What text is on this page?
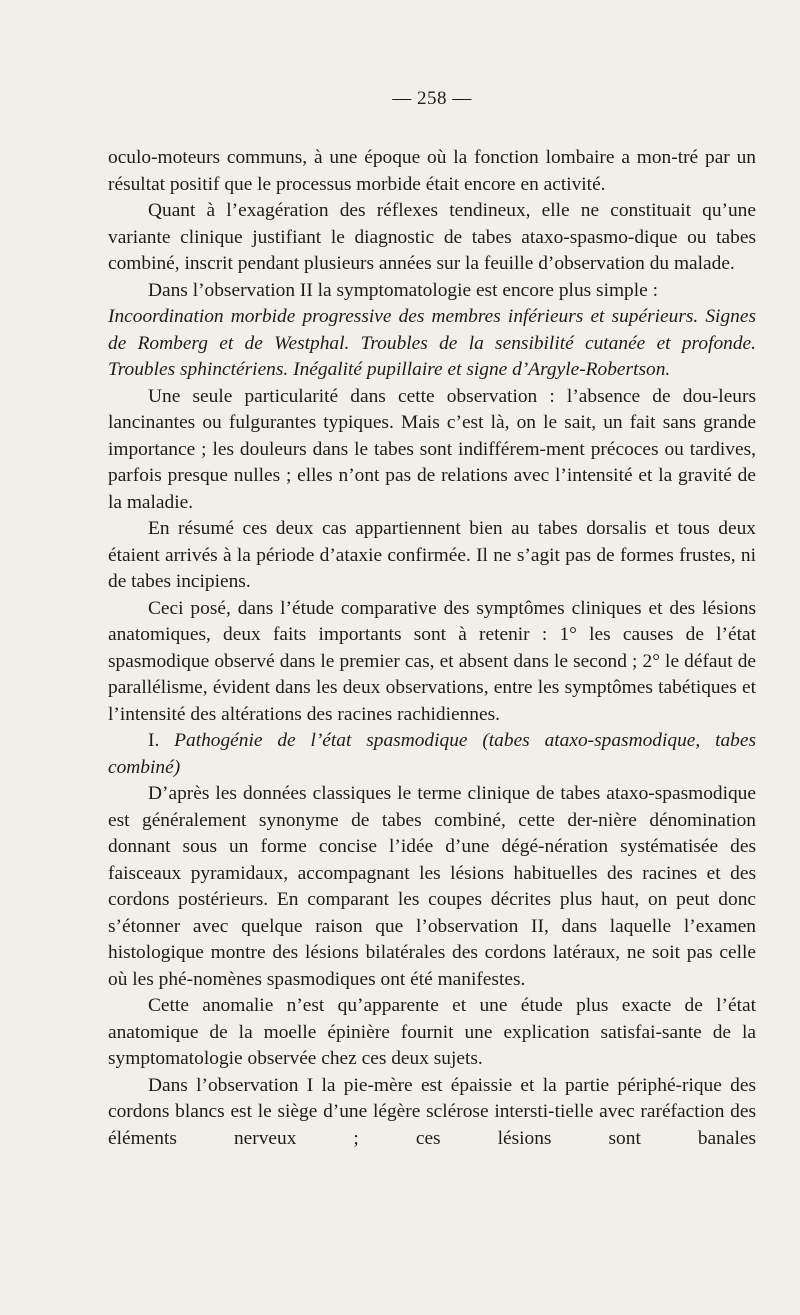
— 258 —

oculo-moteurs communs, à une époque où la fonction lombaire a mon-tré par un résultat positif que le processus morbide était encore en activité.

Quant à l’exagération des réflexes tendineux, elle ne constituait qu’une variante clinique justifiant le diagnostic de tabes ataxo-spasmo-dique ou tabes combiné, inscrit pendant plusieurs années sur la feuille d’observation du malade.

Dans l’observation II la symptomatologie est encore plus simple :

Incoordination morbide progressive des membres inférieurs et supérieurs. Signes de Romberg et de Westphal. Troubles de la sensibilité cutanée et profonde. Troubles sphinctériens. Inégalité pupillaire et signe d’Argyle-Robertson.

Une seule particularité dans cette observation : l’absence de dou-leurs lancinantes ou fulgurantes typiques. Mais c’est là, on le sait, un fait sans grande importance ; les douleurs dans le tabes sont indifférem-ment précoces ou tardives, parfois presque nulles ; elles n’ont pas de relations avec l’intensité et la gravité de la maladie.

En résumé ces deux cas appartiennent bien au tabes dorsalis et tous deux étaient arrivés à la période d’ataxie confirmée. Il ne s’agit pas de formes frustes, ni de tabes incipiens.

Ceci posé, dans l’étude comparative des symptômes cliniques et des lésions anatomiques, deux faits importants sont à retenir : 1° les causes de l’état spasmodique observé dans le premier cas, et absent dans le second ; 2° le défaut de parallélisme, évident dans les deux observations, entre les symptômes tabétiques et l’intensité des altérations des racines rachidiennes.

I. Pathogénie de l’état spasmodique (tabes ataxo-spasmodique, tabes combiné)

D’après les données classiques le terme clinique de tabes ataxo-spasmodique est généralement synonyme de tabes combiné, cette der-nière dénomination donnant sous un forme concise l’idée d’une dégé-nération systématisée des faisceaux pyramidaux, accompagnant les lésions habituelles des racines et des cordons postérieurs. En comparant les coupes décrites plus haut, on peut donc s’étonner avec quelque raison que l’observation II, dans laquelle l’examen histologique montre des lésions bilatérales des cordons latéraux, ne soit pas celle où les phé-nomènes spasmodiques ont été manifestes.

Cette anomalie n’est qu’apparente et une étude plus exacte de l’état anatomique de la moelle épinière fournit une explication satisfai-sante de la symptomatologie observée chez ces deux sujets.

Dans l’observation I la pie-mère est épaissie et la partie périphé-rique des cordons blancs est le siège d’une légère sclérose intersti-tielle avec raréfaction des éléments nerveux ; ces lésions sont banales
